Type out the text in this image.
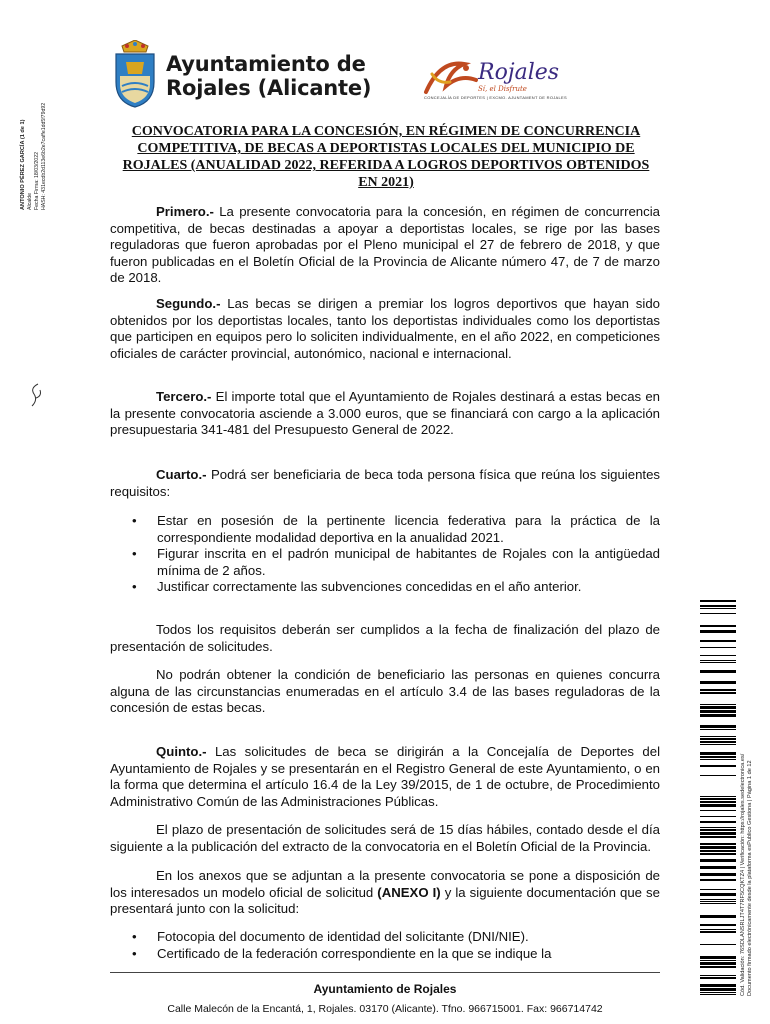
Ayuntamiento de Rojales (Alicante)
Rojales
Sí, el Disfrute
CONCEJALÍA DE DEPORTES | EXCMO. AJUNTAMENT DE ROJALES
ANTONIO PÉREZ GARCÍA (1 de 1) Alcalde Fecha Firma: 18/03/2022 HASH: 431ecdb2d113e6b2e7caffe1dd5f79d92	CONVOCATORIA PARA LA CONCESIÓN, EN RÉGIMEN DE CONCURRENCIA COMPETITIVA, DE BECAS A DEPORTISTAS LOCALES DEL MUNICIPIO DE ROJALES (ANUALIDAD 2022, REFERIDA A LOGROS DEPORTIVOS OBTENIDOS EN 2021)

Primero.- La presente convocatoria para la concesión, en régimen de concurrencia competitiva, de becas destinadas a apoyar a deportistas locales, se rige por las bases reguladoras que fueron aprobadas por el Pleno municipal el 27 de febrero de 2018, y que fueron publicadas en el Boletín Oficial de la Provincia de Alicante número 47, de 7 de marzo de 2018.

Segundo.- Las becas se dirigen a premiar los logros deportivos que hayan sido obtenidos por los deportistas locales, tanto los deportistas individuales como los deportistas que participen en equipos pero lo soliciten individualmente, en el año 2022, en competiciones oficiales de carácter provincial, autonómico, nacional e internacional.

Tercero.- El importe total que el Ayuntamiento de Rojales destinará a estas becas en la presente convocatoria asciende a 3.000 euros, que se financiará con cargo a la aplicación presupuestaria 341-481 del Presupuesto General de 2022.

Cuarto.- Podrá ser beneficiaria de beca toda persona física que reúna los siguientes requisitos:

• Estar en posesión de la pertinente licencia federativa para la práctica de la correspondiente modalidad deportiva en la anualidad 2021.
• Figurar inscrita en el padrón municipal de habitantes de Rojales con la antigüedad mínima de 2 años.
• Justificar correctamente las subvenciones concedidas en el año anterior.

Todos los requisitos deberán ser cumplidos a la fecha de finalización del plazo de presentación de solicitudes.

No podrán obtener la condición de beneficiario las personas en quienes concurra alguna de las circunstancias enumeradas en el artículo 3.4 de las bases reguladoras de la concesión de estas becas.

Quinto.- Las solicitudes de beca se dirigirán a la Concejalía de Deportes del Ayuntamiento de Rojales y se presentarán en el Registro General de este Ayuntamiento, o en la forma que determina el artículo 16.4 de la Ley 39/2015, de 1 de octubre, de Procedimiento Administrativo Común de las Administraciones Públicas.

El plazo de presentación de solicitudes será de 15 días hábiles, contado desde el día siguiente a la publicación del extracto de la convocatoria en el Boletín Oficial de la Provincia.

En los anexos que se adjuntan a la presente convocatoria se pone a disposición de los interesados un modelo oficial de solicitud (ANEXO I) y la siguiente documentación que se presentará junto con la solicitud:

• Fotocopia del documento de identidad del solicitante (DNI/NIE).
• Certificado de la federación correspondiente en la que se indique la	Cód. Validación: 76SDLANSRLJT4T7RF5CQKTZ4 | Verificación: https://rojales.sedelectronica.es/ Documento firmado electrónicamente desde la plataforma esPublico Gestiona | Página 1 de 12
Ayuntamiento de Rojales
Calle Malecón de la Encantá, 1, Rojales. 03170 (Alicante). Tfno. 966715001. Fax: 966714742
